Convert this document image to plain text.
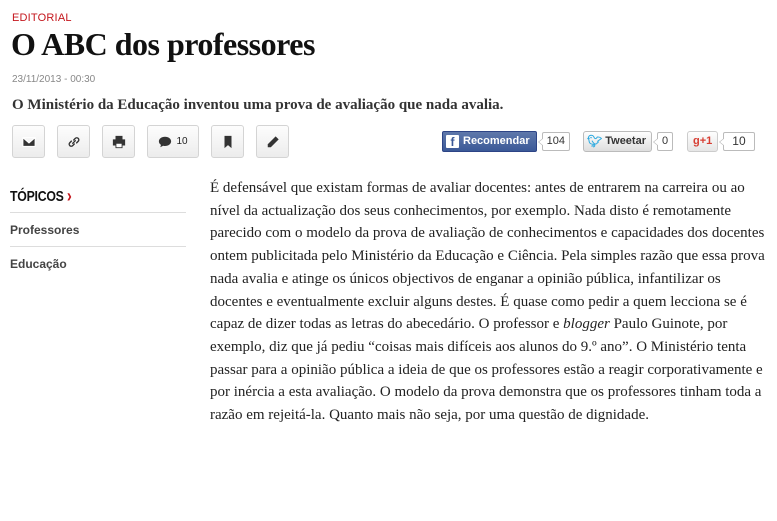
EDITORIAL
O ABC dos professores
23/11/2013 - 00:30

O Ministério da Educação inventou uma prova de avaliação que nada avalia.

10	f Recomendar	104	🐦︎ Tweetar	0	g +1	10
TÓPICOS ›
Professores
Educação
É defensável que existam formas de avaliar docentes: antes de entrarem na carreira ou ao nível da actualização dos seus conhecimentos, por exemplo. Nada disto é remotamente parecido com o modelo da prova de avaliação de conhecimentos e capacidades dos docentes ontem publicitada pelo Ministério da Educação e Ciência. Pela simples razão que essa prova nada avalia e atinge os únicos objectivos de enganar a opinião pública, infantilizar os docentes e eventualmente excluir alguns destes. É quase como pedir a quem lecciona se é capaz de dizer todas as letras do abecedário. O professor e blogger Paulo Guinote, por exemplo, diz que já pediu “coisas mais difíceis aos alunos do 9.º ano”. O Ministério tenta passar para a opinião pública a ideia de que os professores estão a reagir corporativamente e por inércia a esta avaliação. O modelo da prova demonstra que os professores tinham toda a razão em rejeitá-la. Quanto mais não seja, por uma questão de dignidade.
